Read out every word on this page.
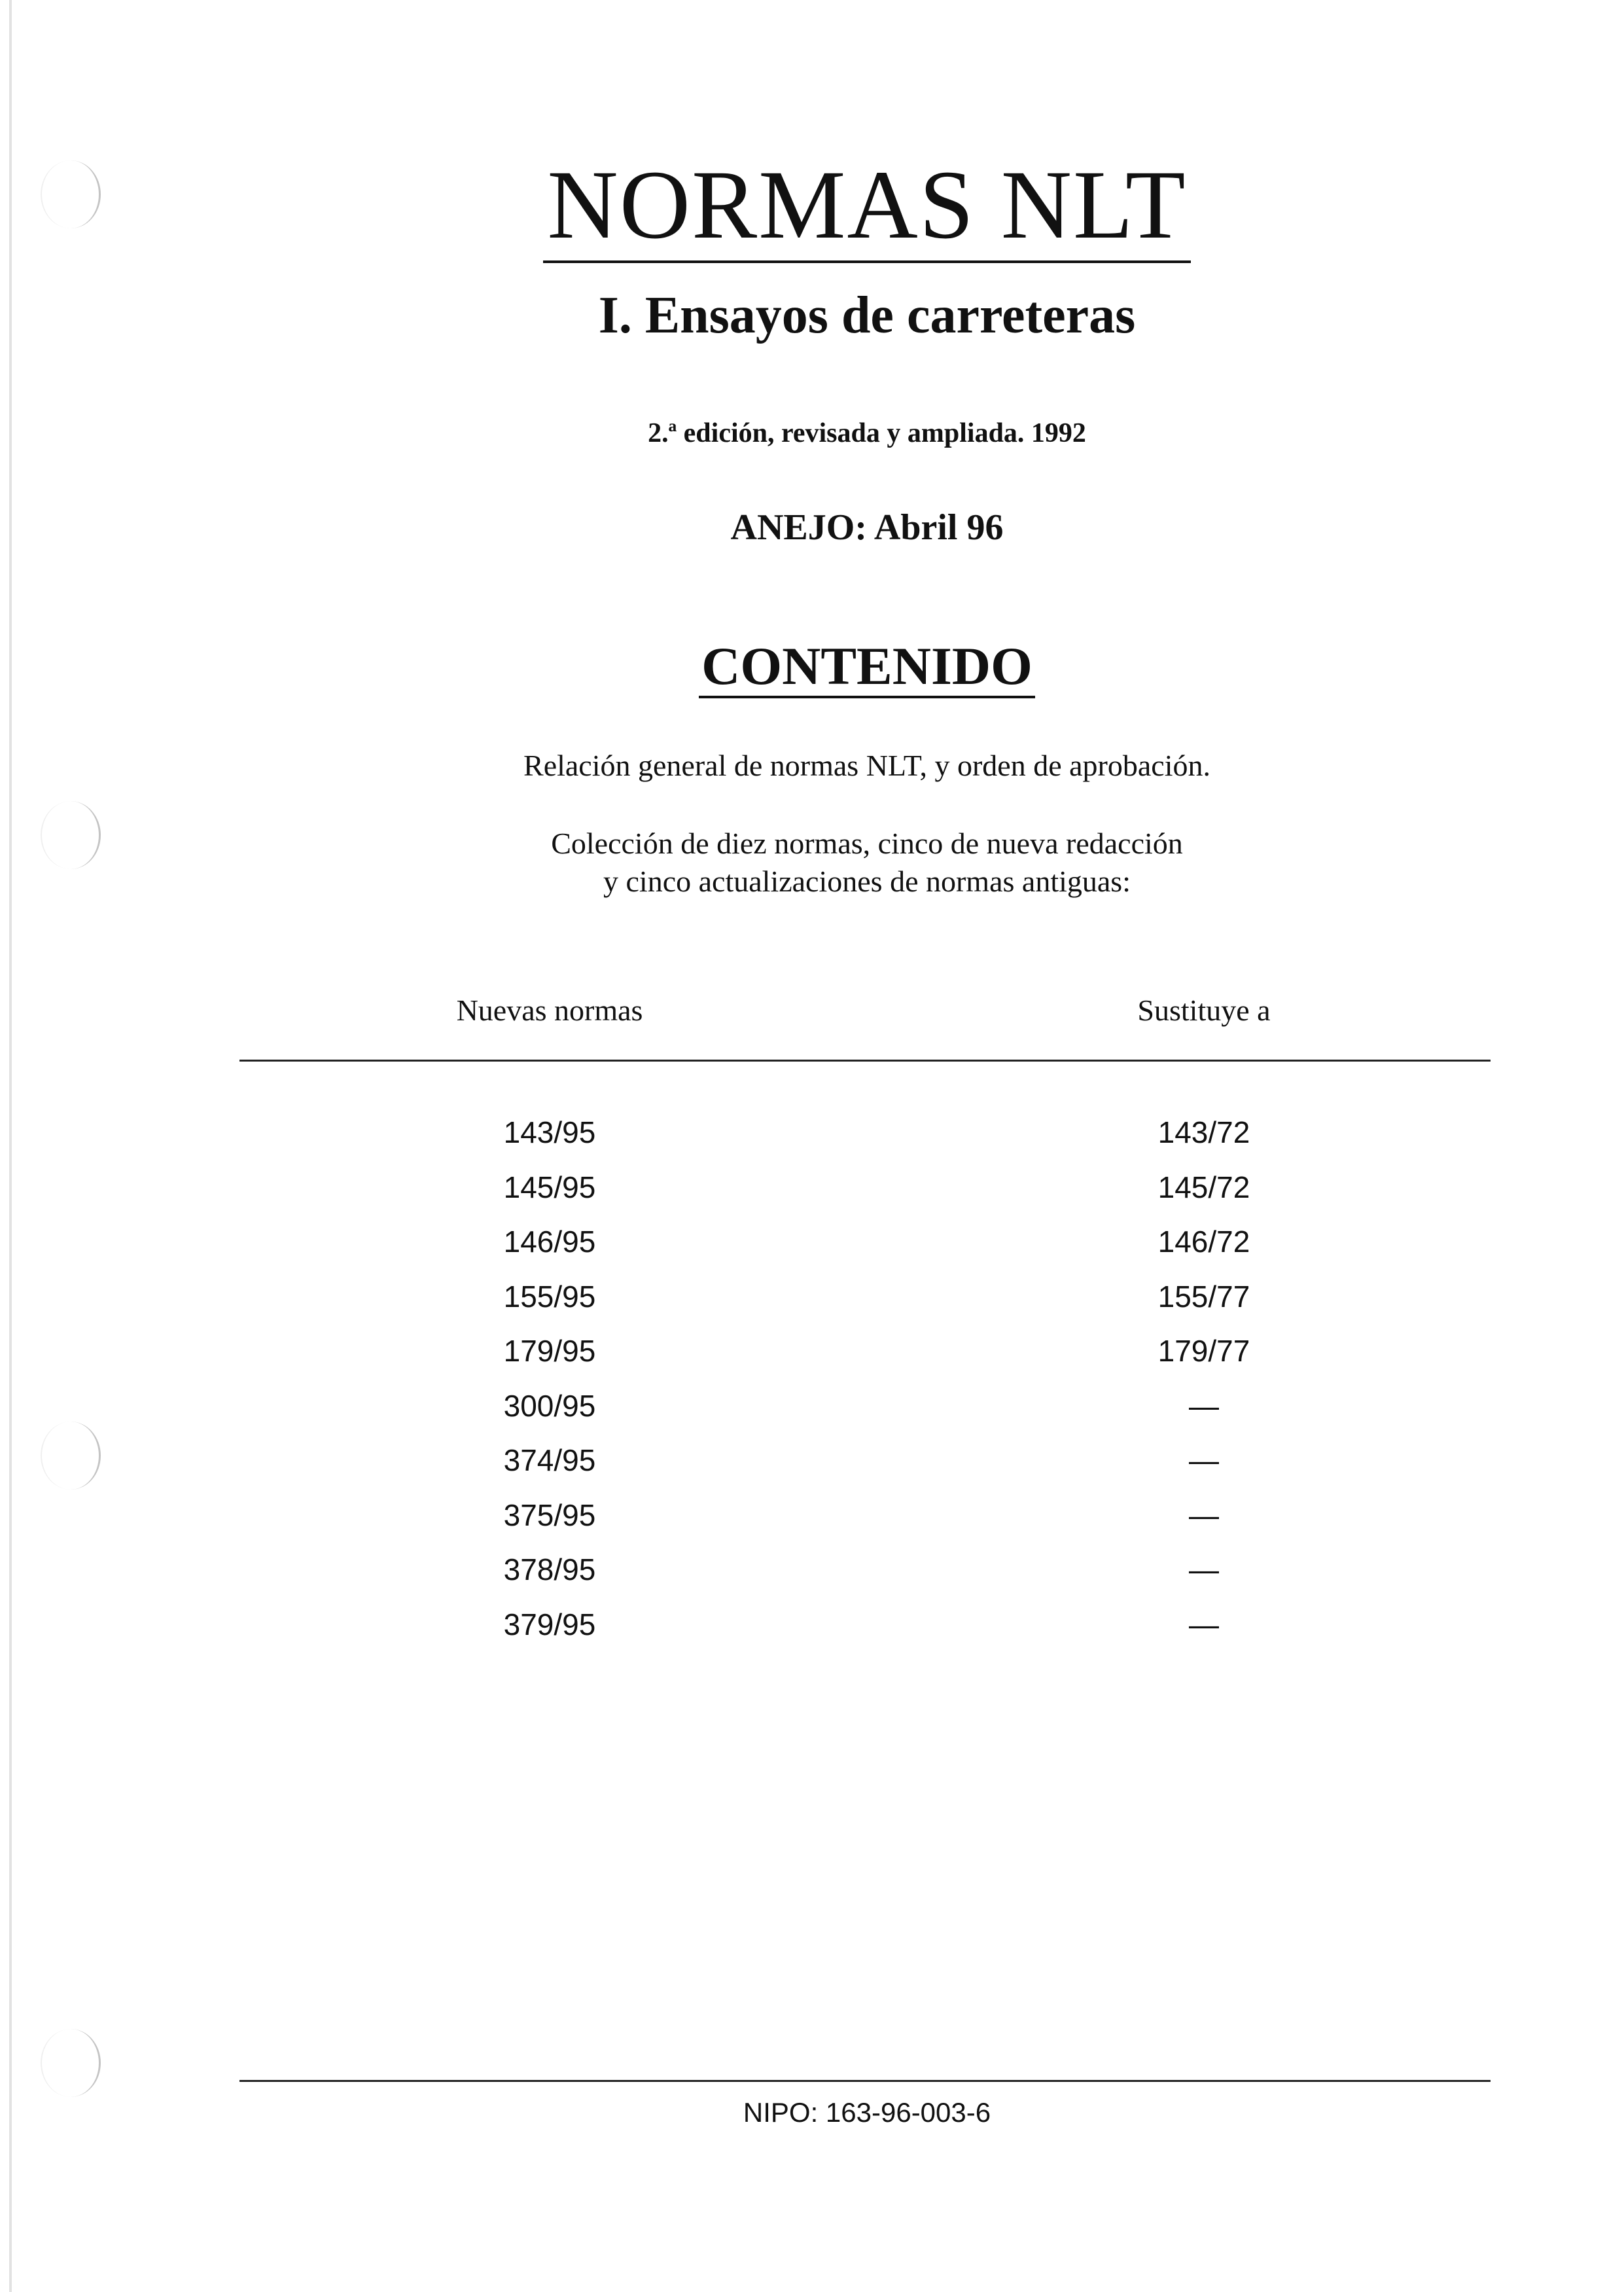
NORMAS NLT
I. Ensayos de carreteras
2.ª edición, revisada y ampliada. 1992
ANEJO: Abril 96
CONTENIDO
Relación general de normas NLT, y orden de aprobación.
Colección de diez normas, cinco de nueva redacción
y cinco actualizaciones de normas antiguas:
Nuevas normas	Sustituye a
143/95	143/72
145/95	145/72
146/95	146/72
155/95	155/77
179/95	179/77
300/95	—
374/95	—
375/95	—
378/95	—
379/95	—
NIPO: 163-96-003-6
